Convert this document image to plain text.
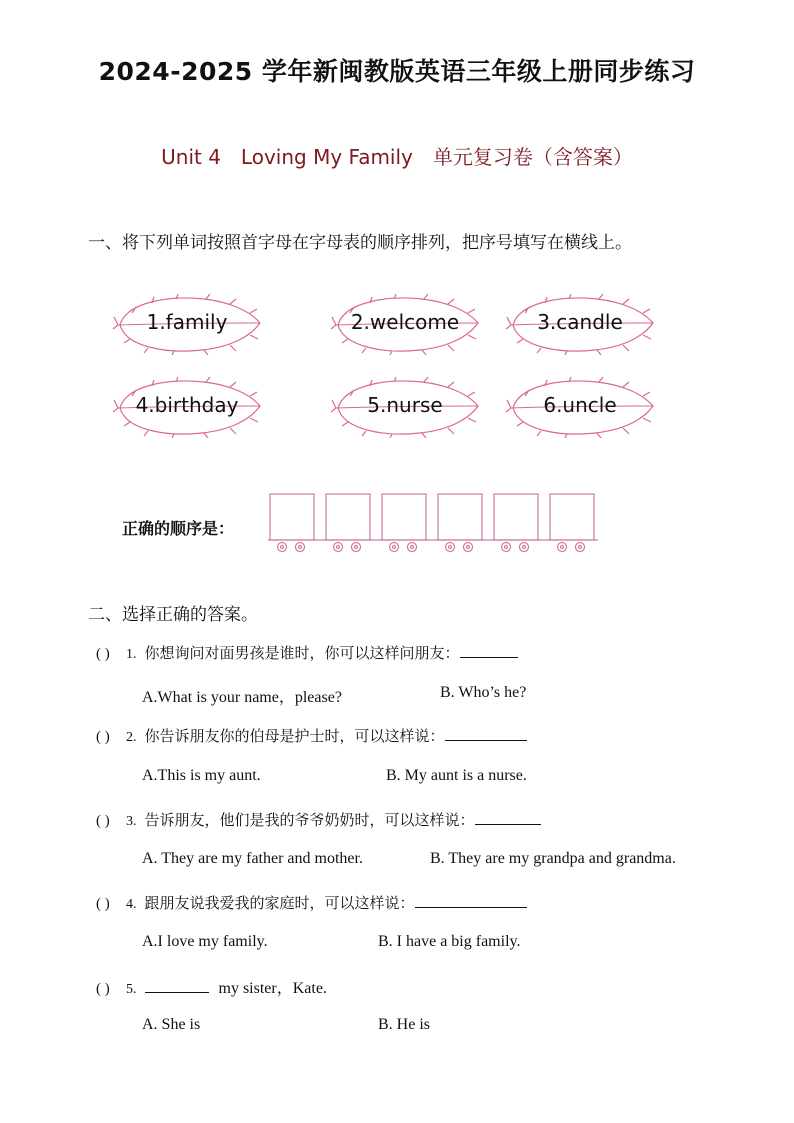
2024-2025 学年新闽教版英语三年级上册同步练习
Unit 4 Loving My Family 单元复习卷（含答案）
一、将下列单词按照首字母在字母表的顺序排列，把序号填写在横线上。
1.family	2.welcome	3.candle
4.birthday	5.nurse	6.uncle
正确的顺序是：
二、选择正确的答案。
( )	1. 你想询问对面男孩是谁时，你可以这样问朋友：
A.What is your name，please?	B. Who’s he?
( )	2. 你告诉朋友你的伯母是护士时，可以这样说：
A.This is my aunt.	B. My aunt is a nurse.
( )	3. 告诉朋友，他们是我的爷爷奶奶时，可以这样说：
A. They are my father and mother.	B. They are my grandpa and grandma.
( )	4. 跟朋友说我爱我的家庭时，可以这样说：
A.I love my family.	B. I have a big family.
( )	5.	my sister，Kate.
A. She is	B. He is
